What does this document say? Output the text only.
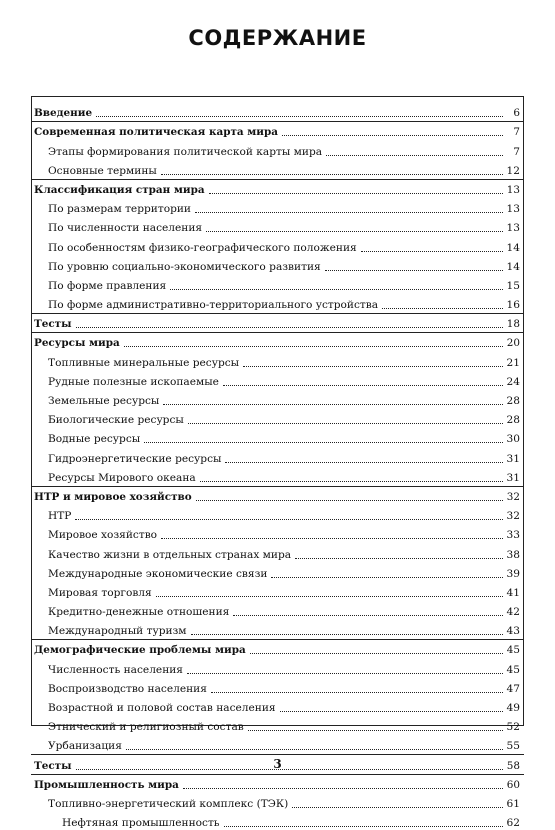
СОДЕРЖАНИЕ
Введение	6
Современная политическая карта мира	7
Этапы формирования политической карты мира	7
Основные термины	12
Классификация стран мира	13
По размерам территории	13
По численности населения	13
По особенностям физико-географического положения	14
По уровню социально-экономического развития	14
По форме правления	15
По форме административно-территориального устройства	16
Тесты	18
Ресурсы мира	20
Топливные минеральные ресурсы	21
Рудные полезные ископаемые	24
Земельные ресурсы	28
Биологические ресурсы	28
Водные ресурсы	30
Гидроэнергетические ресурсы	31
Ресурсы Мирового океана	31
НТР и мировое хозяйство	32
НТР	32
Мировое хозяйство	33
Качество жизни в отдельных странах мира	38
Международные экономические связи	39
Мировая торговля	41
Кредитно-денежные отношения	42
Международный туризм	43
Демографические проблемы мира	45
Численность населения	45
Воспроизводство населения	47
Возрастной и половой состав населения	49
Этнический и религиозный состав	52
Урбанизация	55
Тесты	58
Промышленность мира	60
Топливно-энергетический комплекс (ТЭК)	61
Нефтяная промышленность	62
3
